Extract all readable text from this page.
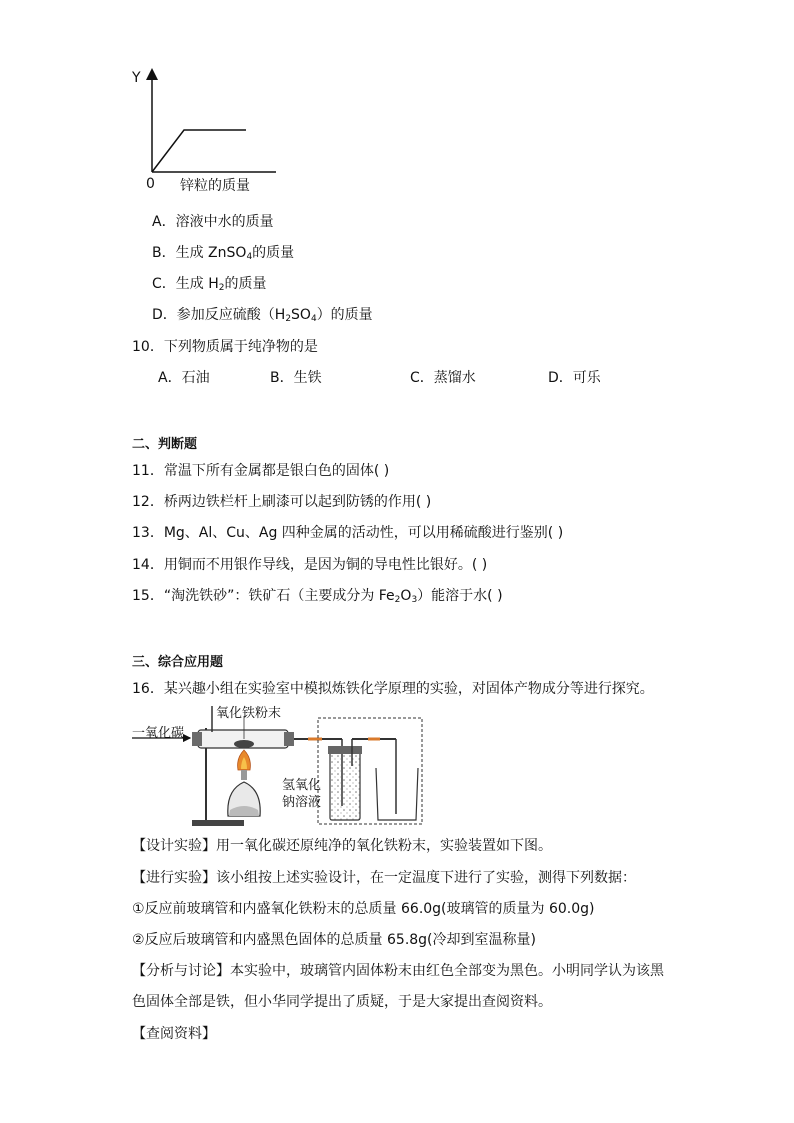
Y
0 锌粒的质量
A．溶液中水的质量
B．生成 ZnSO$_4$的质量
C．生成 $H_2$的质量
D．参加反应硫酸$(H_2SO_4)$的质量
10．下列物质属于纯净物的是
A．石油	B．生铁	C．蒸馏水	D．可乐
二、判断题
11．常温下所有金属都是银白色的固体( )
12．桥两边铁栏杆上刷漆可以起到防锈的作用( )
13．Mg、Al、Cu、Ag 四种金属的活动性，可以用稀硫酸进行鉴别( )
14．用铜而不用银作导线，是因为铜的导电性比银好。( )
15．“淘洗铁砂”：铁矿石（主要成分为 $Fe_2O_3$）能溶于水( )
三、综合应用题
16．某兴趣小组在实验室中模拟炼铁化学原理的实验，对固体产物成分等进行探究。
一氧化碳
氧化铁粉末
氢氧化
钠溶液
【设计实验】用一氧化碳还原纯净的氧化铁粉末，实验装置如下图。
【进行实验】该小组按上述实验设计，在一定温度下进行了实验，测得下列数据：
①反应前玻璃管和内盛氧化铁粉末的总质量 66.0g(玻璃管的质量为 60.0g)
②反应后玻璃管和内盛黑色固体的总质量 65.8g(冷却到室温称量)
【分析与讨论】本实验中，玻璃管内固体粉末由红色全部变为黑色。小明同学认为该黑
色固体全部是铁，但小华同学提出了质疑，于是大家提出查阅资料。
【查阅资料】
